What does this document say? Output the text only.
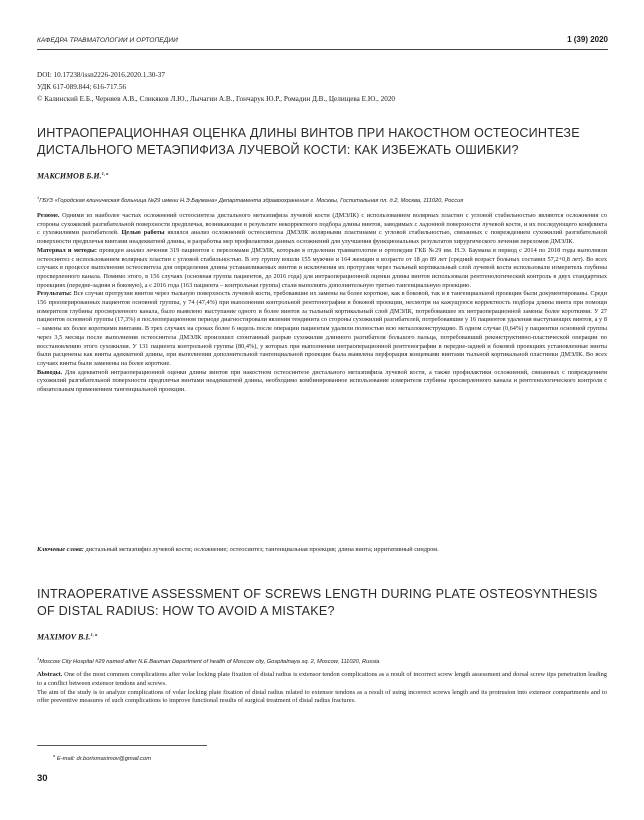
КАФЕДРА ТРАВМАТОЛОГИИ И ОРТОПЕДИИ	1 (39) 2020
DOI: 10.17238/issn2226-2016.2020.1.30-37
УДК 617-089.844; 616-717.56
© Калинский Е.Б., Черняев А.В., Сликяков Л.Ю., Лычагин А.В., Гончарук Ю.Р., Ромадин Д.В., Целищева Е.Ю., 2020
ИНТРАОПЕРАЦИОННАЯ ОЦЕНКА ДЛИНЫ ВИНТОВ ПРИ НАКОСТНОМ ОСТЕОСИНТЕЗЕ ДИСТАЛЬНОГО МЕТАЭПИФИЗА ЛУЧЕВОЙ КОСТИ: КАК ИЗБЕЖАТЬ ОШИБКИ?
МАКСИМОВ Б.И.$^{1, a}$
$^1$ГБУЗ «Городская клиническая больница №29 имени Н.Э.Баумана» Департамента здравоохранения г. Москвы, Госпитальная пл. д.2, Москва, 111020, Россия

Резюме. Одними из наиболее частых осложнений остеосинтеза дистального метаэпифиза лучевой кости (ДМЭЛК) с использованием волярных пластин с угловой стабильностью являются осложнения со стороны сухожилий разгибательной поверхности предплечья, возникающие в результате некорректного подбора длины винтов, заводимых с ладонной поверхности лучевой кости, и их последующего конфликта с сухожилиями разгибателей. Целью работы являлся анализ осложнений остеосинтеза ДМЭЛК волярными пластинами с угловой стабильностью, связанных с повреждением сухожилий разгибательной поверхности предплечья винтами неадекватной длины, и разработка мер профилактики данных осложнений для улучшения функциональных результатов хирургического лечения переломов ДМЭЛК.

Материал и методы: проведен анализ лечения 319 пациентов с переломами ДМЭЛК, которым в отделении травматологии и ортопедии ГКБ №29 им. Н.Э. Баумана в период с 2014 по 2018 годы выполняли остеосинтез с использованием волярных пластин с угловой стабильностью. В эту группу вошли 155 мужчин и 164 женщин в возрасте от 18 до 89 лет (средний возраст больных составил 57,2+0,8 лет). Во всех случаях в процессе выполнения остеосинтеза для определения длины устанавливаемых винтов и исключения их протрузии через тыльный кортикальный слой лучевой кости использовали измеритель глубины просверленного канала. Помимо этого, в 156 случаях (основная группа пациентов, до 2016 года) для интраоперационной оценки длины винтов использовали рентгенологический контроль в двух стандартных проекциях (передне-задняя и боковую), а с 2016 года (163 пациента – контрольная группа) стали выполнять дополнительную третью тангенциальную проекцию.

Результаты: Все случаи протрузии винтов через тыльную поверхность лучевой кости, требовавшие их замены на более короткие, как в боковой, так и в тангенциальной проекции были документированы. Среди 156 прооперированных пациентов основной группы, у 74 (47,4%) при выполнении контрольной рентгенографии в боковой проекции, несмотря на кажущуюся корректность подбора длины винта при помощи измерителя глубины просверленного канала, было выявлено выступание одного и более винтов за тыльный кортикальный слой ДМЭЛК, потребовавшее их интраоперационной замены более короткими. У 27 пациентов основной группы (17,3%) в послеоперационном периоде диагностировали явления тендинита со стороны сухожилий разгибателей, потребовавшие у 16 пациентов удаления выступающих винтов, а у 8 – замены их более короткими винтами. В трех случаях на сроках более 6 недель после операции пациентам удалили полностью всю металлоконструкцию. В одном случае (0,64%) у пациентки основной группы через 3,5 месяца после выполнения остеосинтеза ДМЭЛК произошел спонтанный разрыв сухожилия длинного разгибателя большого пальца, потребовавший реконструктивно-пластической операции по восстановлению этого сухожилия. У 131 пациента контрольной группы (80,4%), у которых при выполнении интраоперационной рентгенографии в передне-задней и боковой проекциях установленные винты были расценены как винты адекватной длины, при выполнении дополнительной тангенциальной проекции была выявлена перфорация концевыми винтами тыльной кортикальной пластинки ДМЭЛК. Во всех случаях винты были заменены на более короткие.

Выводы. Для адекватной интраоперационной оценки длины винтов при накостном остеосинтезе дистального метаэпифиза лучевой кости, а также профилактики осложнений, связанных с повреждением сухожилий разгибательной поверхности предплечья винтами неадекватной длины, необходимо комбинированное использование измерителя глубины просверленного канала и рентгенологического контроля с обязательным применением тангенциальной проекции.

Ключевые слова: дистальный метаэпифиз лучевой кости; осложнение; остеосинтез; тангенциальная проекция; длина винта; ирритативный синдром.
INTRAOPERATIVE ASSESSMENT OF SCREWS LENGTH DURING PLATE OSTEOSYNTHESIS OF DISTAL RADIUS: HOW TO AVOID A MISTAKE?
MAXIMOV B.I.$^{1, a}$
$^1$Moscow City Hospital #29 named after N.E.Bauman Department of health of Moscow city, Gospitalnaya sq. 2, Moscow, 111020, Russia

Abstract. One of the most common complications after volar locking plate fixation of distal radius is extensor tendon complications as a result of incorrect screw length assessment and dorsal screw tips penetration leading to a conflict between extensor tendons and screws.

The aim of the study is to analyze complications of volar locking plate fixation of distal radius related to extensor tendons as a result of using incorrect screws length and its protrusion into extensor compartments and to offer preventive measures of such complications to improve functional results of surgical treatment of distal radius fractures.

$^a$ E-mail: dr.borismaximov@gmail.com
30
